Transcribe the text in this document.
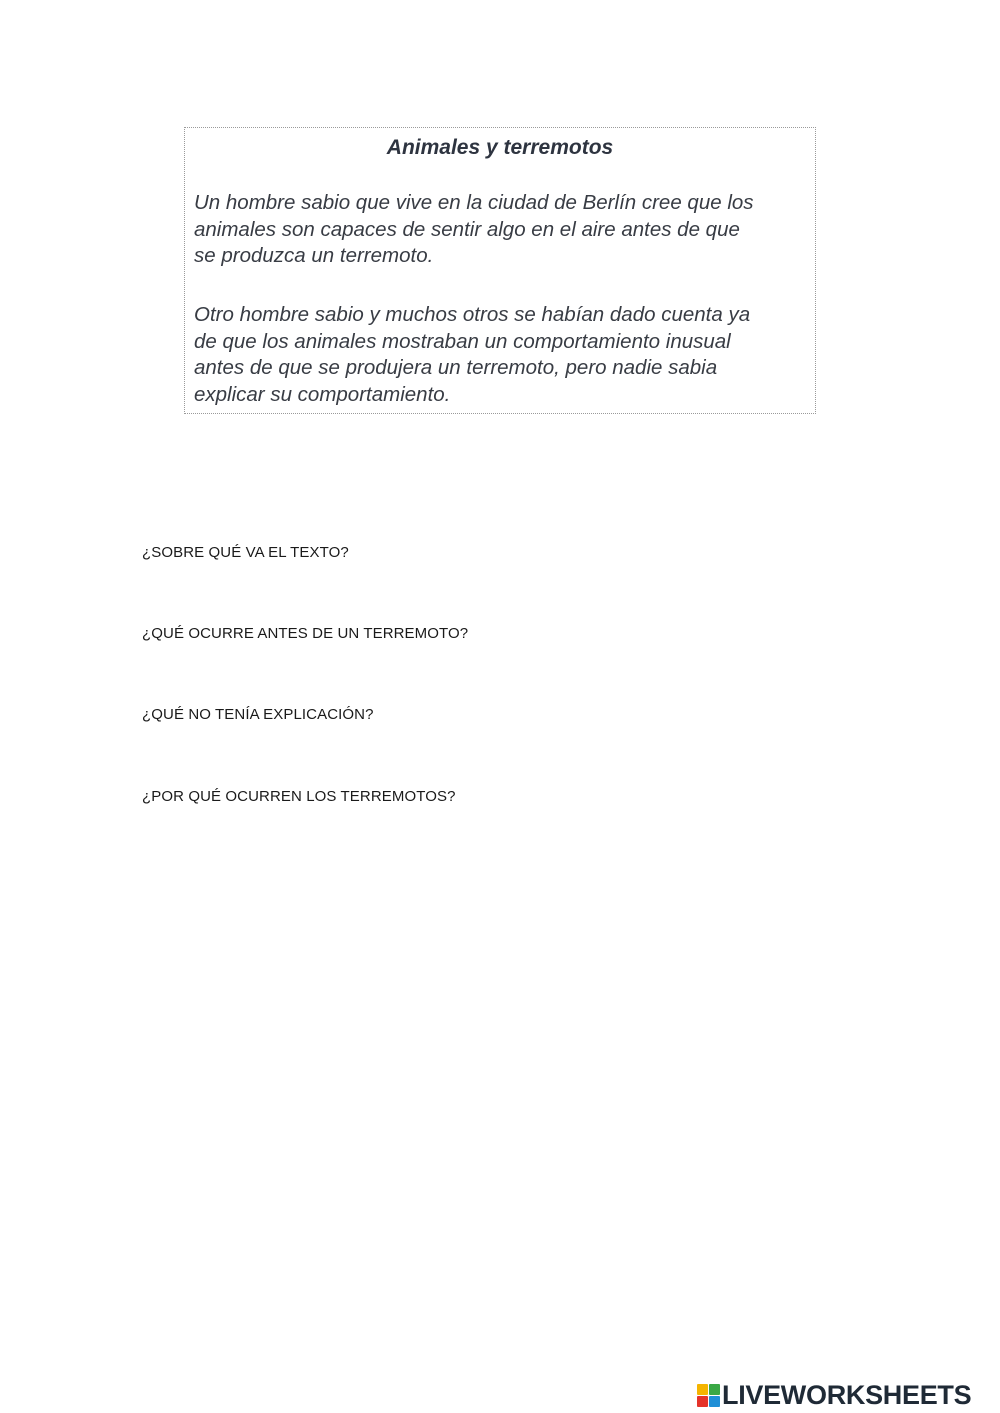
Animales y terremotos

Un hombre sabio que vive en la ciudad de Berlín cree que los
animales son capaces de sentir algo en el aire antes de que
se produzca un terremoto.

Otro hombre sabio y muchos otros se habían dado cuenta ya
de que los animales mostraban un comportamiento inusual
antes de que se produjera un terremoto, pero nadie sabia
explicar su comportamiento.

¿SOBRE QUÉ VA EL TEXTO?

¿QUÉ OCURRE ANTES DE UN TERREMOTO?

¿QUÉ NO TENÍA EXPLICACIÓN?

¿POR QUÉ OCURREN LOS TERREMOTOS?

LIVEWORKSHEETS
